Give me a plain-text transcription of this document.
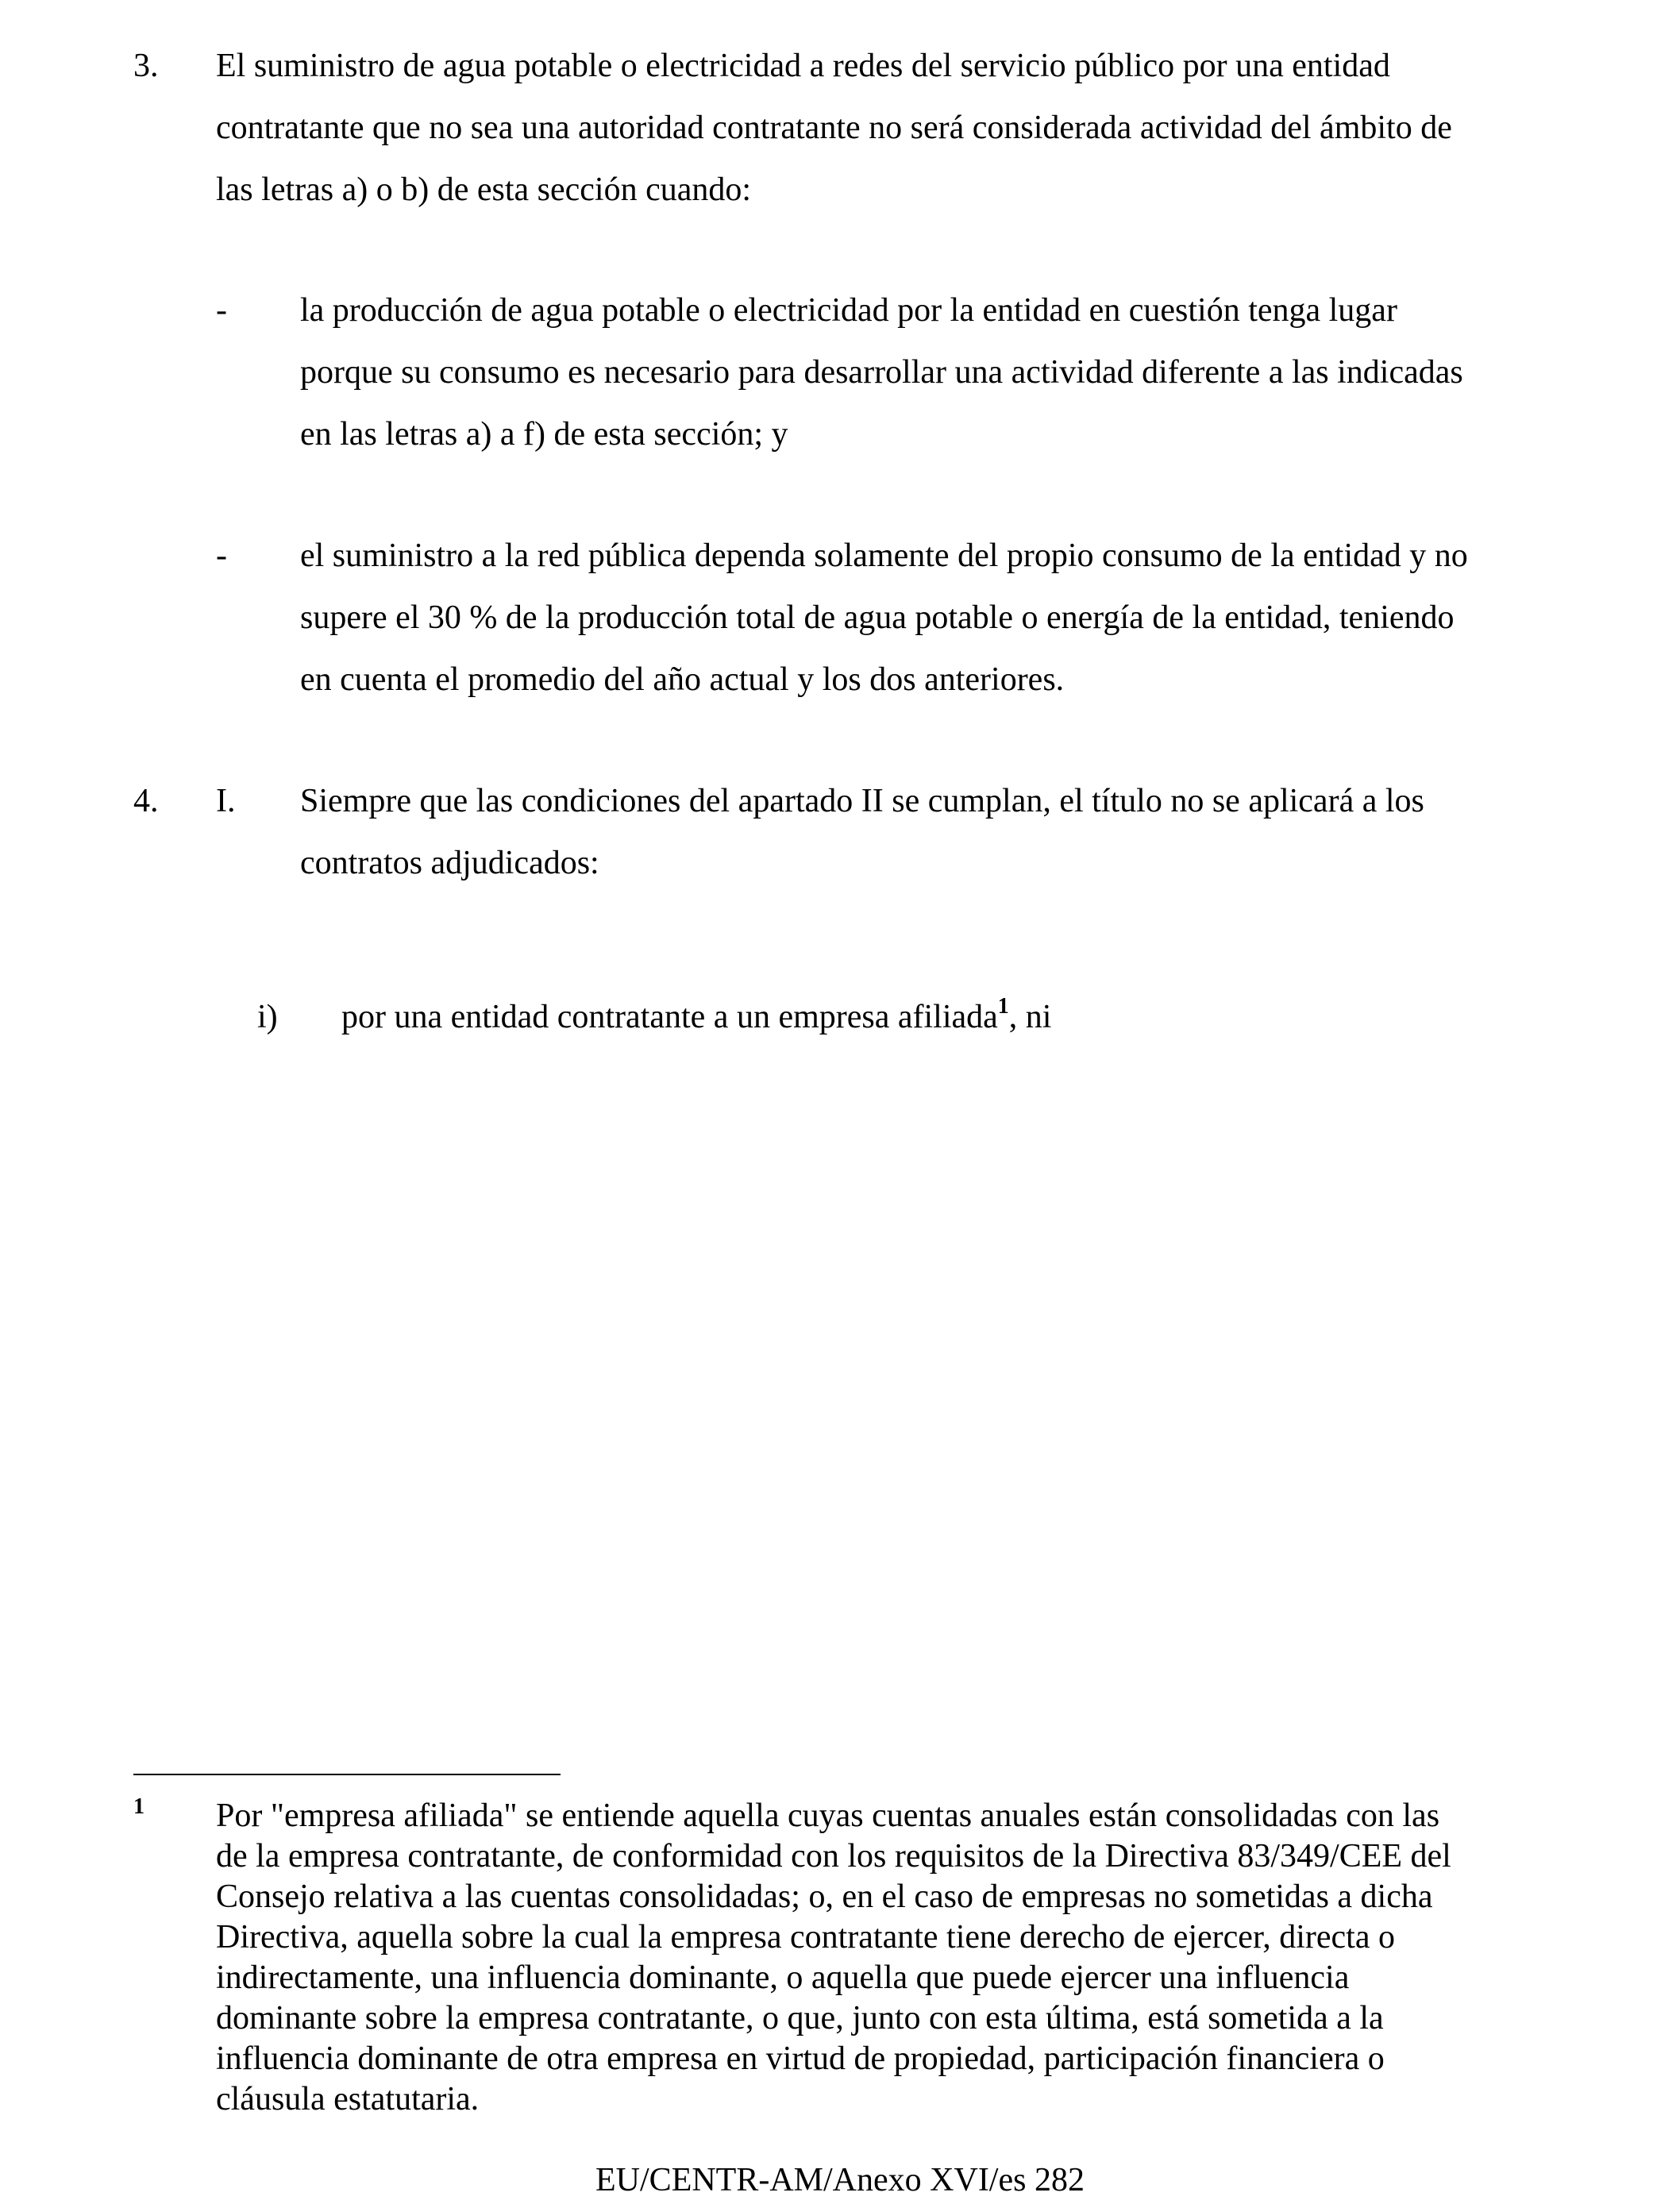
3. El suministro de agua potable o electricidad a redes del servicio público por una entidad
contratante que no sea una autoridad contratante no será considerada actividad del ámbito de
las letras a) o b) de esta sección cuando:
- la producción de agua potable o electricidad por la entidad en cuestión tenga lugar
porque su consumo es necesario para desarrollar una actividad diferente a las indicadas
en las letras a) a f) de esta sección; y
- el suministro a la red pública dependa solamente del propio consumo de la entidad y no
supere el 30 % de la producción total de agua potable o energía de la entidad, teniendo
en cuenta el promedio del año actual y los dos anteriores.
4. I. Siempre que las condiciones del apartado II se cumplan, el título no se aplicará a los
contratos adjudicados:
i) por una entidad contratante a un empresa afiliada$^1$, ni
1 Por "empresa afiliada" se entiende aquella cuyas cuentas anuales están consolidadas con las
de la empresa contratante, de conformidad con los requisitos de la Directiva 83/349/CEE del
Consejo relativa a las cuentas consolidadas; o, en el caso de empresas no sometidas a dicha
Directiva, aquella sobre la cual la empresa contratante tiene derecho de ejercer, directa o
indirectamente, una influencia dominante, o aquella que puede ejercer una influencia
dominante sobre la empresa contratante, o que, junto con esta última, está sometida a la
influencia dominante de otra empresa en virtud de propiedad, participación financiera o
cláusula estatutaria.
EU/CENTR-AM/Anexo XVI/es 282
